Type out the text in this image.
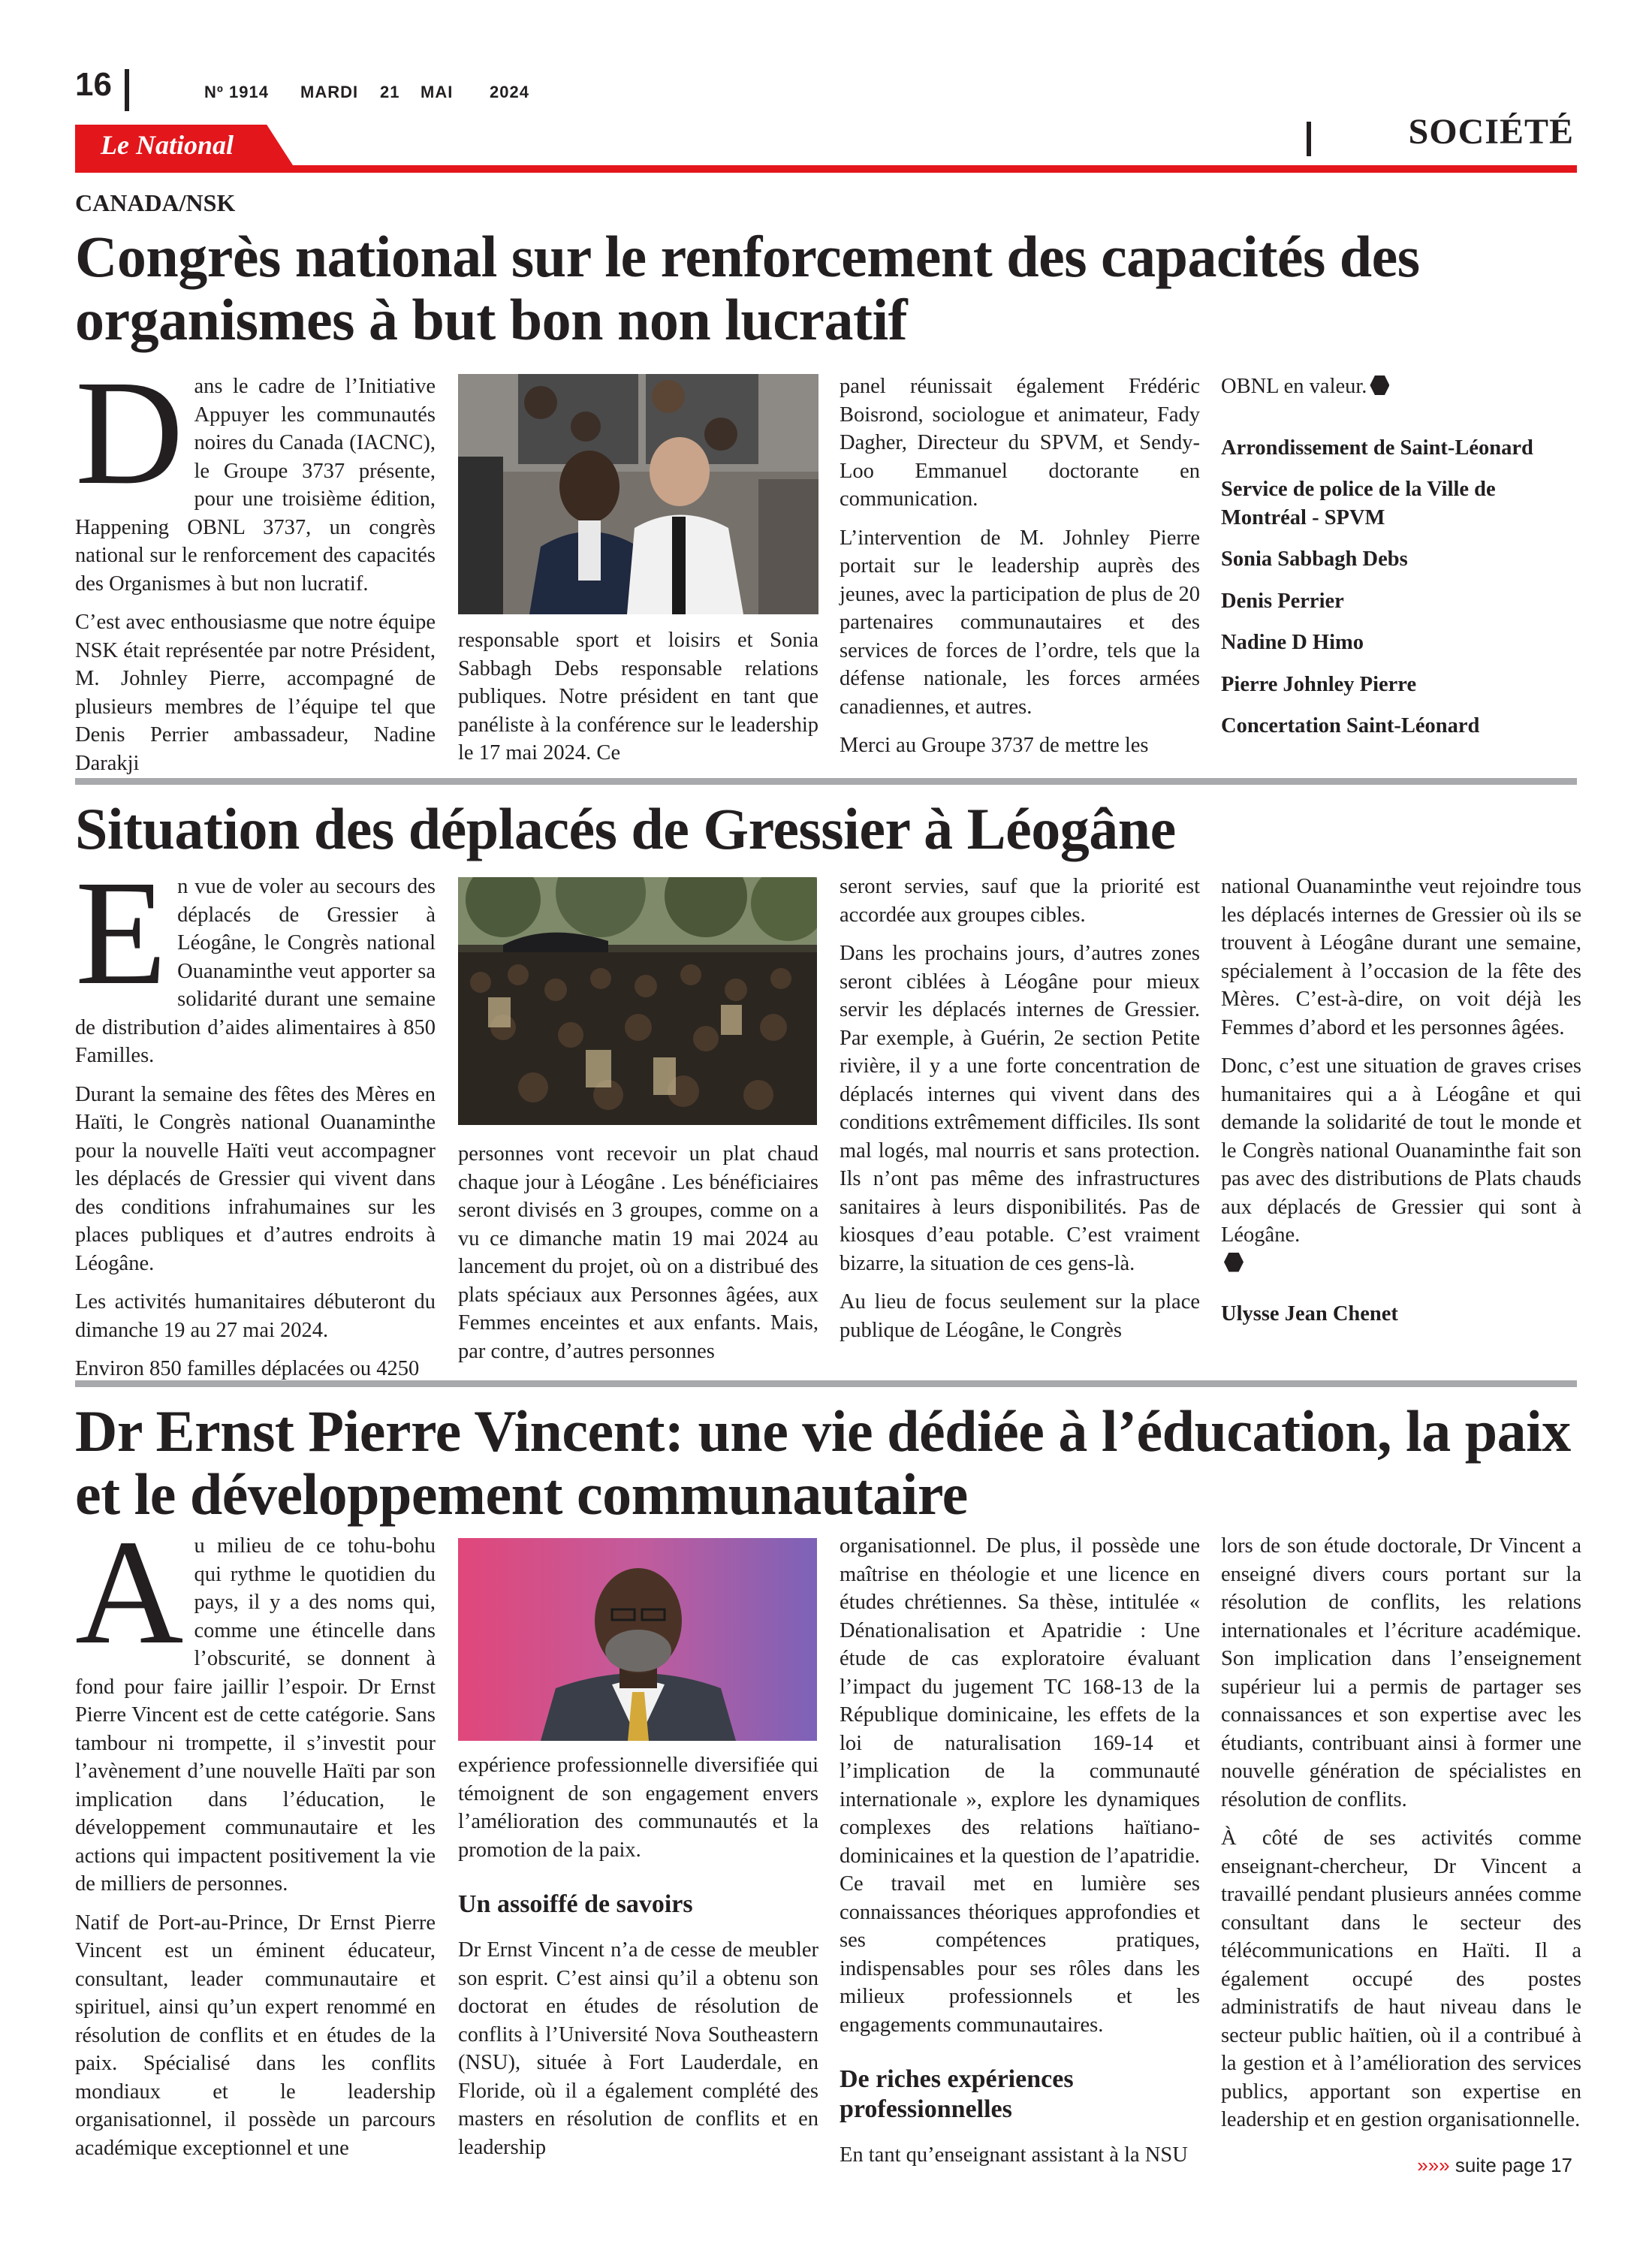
16	Nº 1914 MARDI 21 MAI 2024
Le National	SOCIÉTÉ
CANADA/NSK
Congrès national sur le renforcement des capacités des organismes à but bon non lucratif

Dans le cadre de l’Initiative Appuyer les communautés noires du Canada (IACNC), le Groupe 3737 présente, pour une troisième édition, Happening OBNL 3737, un congrès national sur le renforcement des capacités des Organismes à but non lucratif.

C’est avec enthousiasme que notre équipe NSK était représentée par notre Président, M. Johnley Pierre, accompagné de plusieurs membres de l’équipe tel que Denis Perrier ambassadeur, Nadine Darakji

responsable sport et loisirs et Sonia Sabbagh Debs responsable relations publiques. Notre président en tant que panéliste à la conférence sur le leadership le 17 mai 2024. Ce

panel réunissait également Frédéric Boisrond, sociologue et animateur, Fady Dagher, Directeur du SPVM, et Sendy-Loo Emmanuel doctorante en communication.

L’intervention de M. Johnley Pierre portait sur le leadership auprès des jeunes, avec la participation de plus de 20 partenaires communautaires et des services de forces de l’ordre, tels que la défense nationale, les forces armées canadiennes, et autres.

Merci au Groupe 3737 de mettre les

OBNL en valeur.

Arrondissement de Saint-Léonard

Service de police de la Ville de Montréal - SPVM

Sonia Sabbagh Debs

Denis Perrier

Nadine D Himo

Pierre Johnley Pierre

Concertation Saint-Léonard

Situation des déplacés de Gressier à Léogâne

En vue de voler au secours des déplacés de Gressier à Léogâne, le Congrès national Ouanaminthe veut apporter sa solidarité durant une semaine de distribution d’aides alimentaires à 850 Familles.

Durant la semaine des fêtes des Mères en Haïti, le Congrès national Ouanaminthe pour la nouvelle Haïti veut accompagner les déplacés de Gressier qui vivent dans des conditions infrahumaines sur les places publiques et d’autres endroits à Léogâne.

Les activités humanitaires débuteront du dimanche 19 au 27 mai 2024.

Environ 850 familles déplacées ou 4250

personnes vont recevoir un plat chaud chaque jour à Léogâne . Les bénéficiaires seront divisés en 3 groupes, comme on a vu ce dimanche matin 19 mai 2024 au lancement du projet, où on a distribué des plats spéciaux aux Personnes âgées, aux Femmes enceintes et aux enfants. Mais, par contre, d’autres personnes

seront servies, sauf que la priorité est accordée aux groupes cibles.

Dans les prochains jours, d’autres zones seront ciblées à Léogâne pour mieux servir les déplacés internes de Gressier. Par exemple, à Guérin, 2e section Petite rivière, il y a une forte concentration de déplacés internes qui vivent dans des conditions extrêmement difficiles. Ils sont mal logés, mal nourris et sans protection. Ils n’ont pas même des infrastructures sanitaires à leurs disponibilités. Pas de kiosques d’eau potable. C’est vraiment bizarre, la situation de ces gens-là.

Au lieu de focus seulement sur la place publique de Léogâne, le Congrès

national Ouanaminthe veut rejoindre tous les déplacés internes de Gressier où ils se trouvent à Léogâne durant une semaine, spécialement à l’occasion de la fête des Mères. C’est-à-dire, on voit déjà les Femmes d’abord et les personnes âgées.

Donc, c’est une situation de graves crises humanitaires qui a à Léogâne et qui demande la solidarité de tout le monde et le Congrès national Ouanaminthe fait son pas avec des distributions de Plats chauds aux déplacés de Gressier qui sont à Léogâne.

Ulysse Jean Chenet

Dr Ernst Pierre Vincent: une vie dédiée à l’éducation, la paix et le développement communautaire

Au milieu de ce tohu-bohu qui rythme le quotidien du pays, il y a des noms qui, comme une étincelle dans l’obscurité, se donnent à fond pour faire jaillir l’espoir. Dr Ernst Pierre Vincent est de cette catégorie. Sans tambour ni trompette, il s’investit pour l’avènement d’une nouvelle Haïti par son implication dans l’éducation, le développement communautaire et les actions qui impactent positivement la vie de milliers de personnes.

Natif de Port-au-Prince, Dr Ernst Pierre Vincent est un éminent éducateur, consultant, leader communautaire et spirituel, ainsi qu’un expert renommé en résolution de conflits et en études de la paix. Spécialisé dans les conflits mondiaux et le leadership organisationnel, il possède un parcours académique exceptionnel et une

expérience professionnelle diversifiée qui témoignent de son engagement envers l’amélioration des communautés et la promotion de la paix.

Un assoiffé de savoirs

Dr Ernst Vincent n’a de cesse de meubler son esprit. C’est ainsi qu’il a obtenu son doctorat en études de résolution de conflits à l’Université Nova Southeastern (NSU), située à Fort Lauderdale, en Floride, où il a également complété des masters en résolution de conflits et en leadership

organisationnel. De plus, il possède une maîtrise en théologie et une licence en études chrétiennes. Sa thèse, intitulée « Dénationalisation et Apatridie : Une étude de cas exploratoire évaluant l’impact du jugement TC 168-13 de la République dominicaine, les effets de la loi de naturalisation 169-14 et l’implication de la communauté internationale », explore les dynamiques complexes des relations haïtiano-dominicaines et la question de l’apatridie. Ce travail met en lumière ses connaissances théoriques approfondies et ses compétences pratiques, indispensables pour ses rôles dans les milieux professionnels et les engagements communautaires.

De riches expériences professionnelles

En tant qu’enseignant assistant à la NSU

lors de son étude doctorale, Dr Vincent a enseigné divers cours portant sur la résolution de conflits, les relations internationales et l’écriture académique. Son implication dans l’enseignement supérieur lui a permis de partager ses connaissances et son expertise avec les étudiants, contribuant ainsi à former une nouvelle génération de spécialistes en résolution de conflits.

À côté de ses activités comme enseignant-chercheur, Dr Vincent a travaillé pendant plusieurs années comme consultant dans le secteur des télécommunications en Haïti. Il a également occupé des postes administratifs de haut niveau dans le secteur public haïtien, où il a contribué à la gestion et à l’amélioration des services publics, apportant son expertise en leadership et en gestion organisationnelle.

»»» suite page 17
